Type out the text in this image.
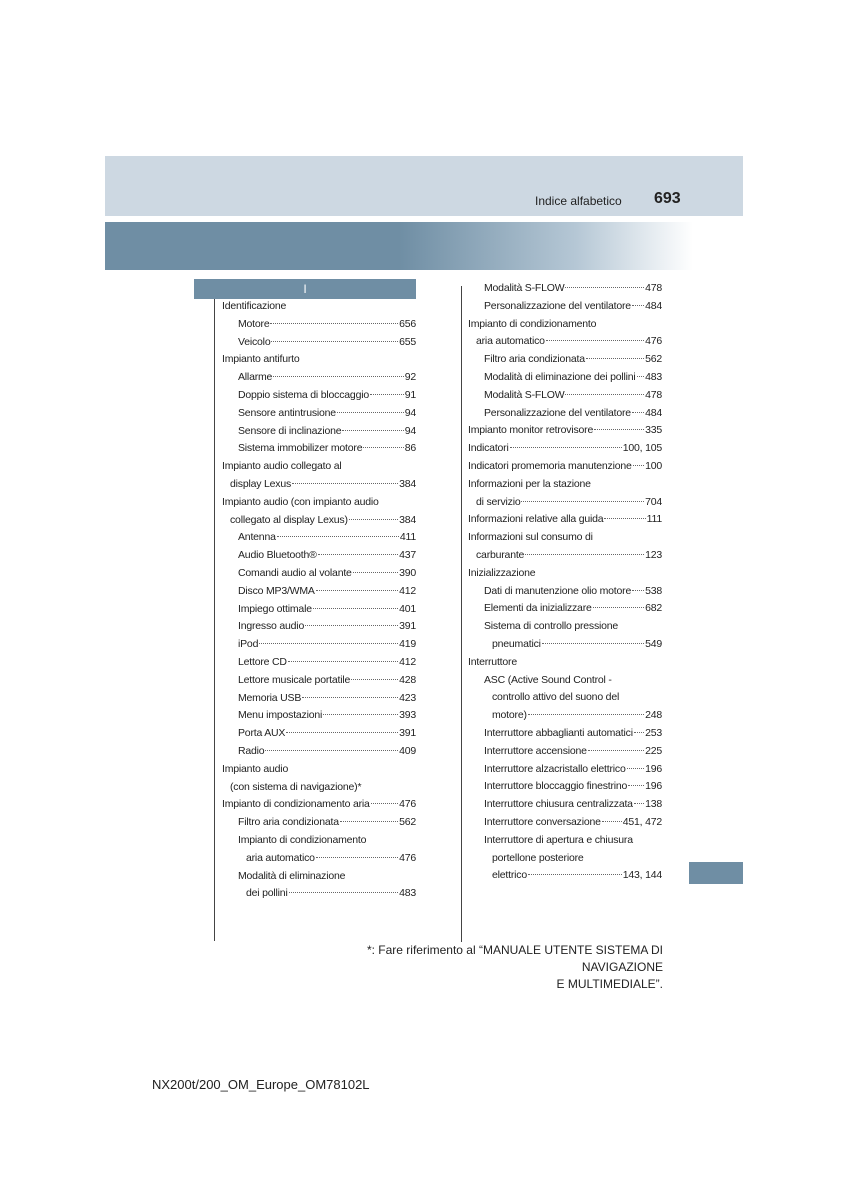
Indice alfabetico 693
I
Identificazione
Motore	656
Veicolo	655
Impianto antifurto
Allarme	92
Doppio sistema di bloccaggio	91
Sensore antintrusione	94
Sensore di inclinazione	94
Sistema immobilizer motore	86
Impianto audio collegato al
display Lexus	384
Impianto audio (con impianto audio
collegato al display Lexus)	384
Antenna	411
Audio Bluetooth®	437
Comandi audio al volante	390
Disco MP3/WMA	412
Impiego ottimale	401
Ingresso audio	391
iPod	419
Lettore CD	412
Lettore musicale portatile	428
Memoria USB	423
Menu impostazioni	393
Porta AUX	391
Radio	409
Impianto audio
(con sistema di navigazione)*
Impianto di condizionamento aria	476
Filtro aria condizionata	562
Impianto di condizionamento
aria automatico	476
Modalità di eliminazione
dei pollini	483
Modalità S-FLOW	478
Personalizzazione del ventilatore 484
Impianto di condizionamento
aria automatico	476
Filtro aria condizionata	562
Modalità di eliminazione dei pollini 483
Modalità S-FLOW	478
Personalizzazione del ventilatore 484
Impianto monitor retrovisore	335
Indicatori	100, 105
Indicatori promemoria manutenzione 100
Informazioni per la stazione
di servizio	704
Informazioni relative alla guida	111
Informazioni sul consumo di
carburante	123
Inizializzazione
Dati di manutenzione olio motore 538
Elementi da inizializzare	682
Sistema di controllo pressione
pneumatici	549
Interruttore
ASC (Active Sound Control -
controllo attivo del suono del
motore)	248
Interruttore abbaglianti automatici 253
Interruttore accensione	225
Interruttore alzacristallo elettrico 196
Interruttore bloccaggio finestrino 196
Interruttore chiusura centralizzata 138
Interruttore conversazione 451, 472
Interruttore di apertura e chiusura
portellone posteriore
elettrico	143, 144
*: Fare riferimento al “MANUALE UTENTE SISTEMA DI NAVIGAZIONE
E MULTIMEDIALE”.
NX200t/200_OM_Europe_OM78102L
